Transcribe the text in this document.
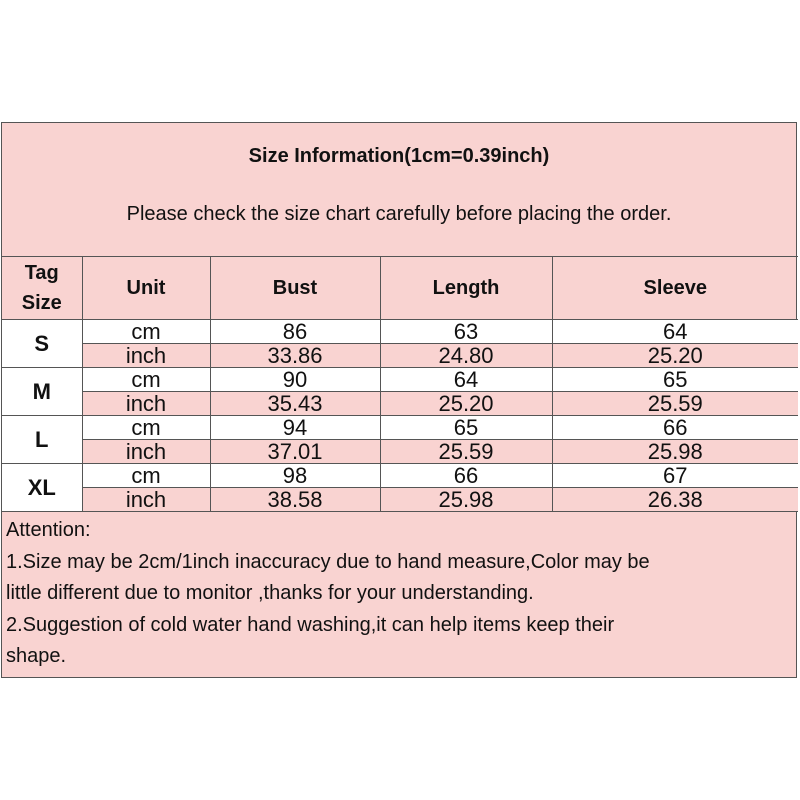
Size Information(1cm=0.39inch)
Please check the size chart carefully before placing the order.
Tag
Size	Unit	Bust	Length	Sleeve
S	cm	86	63	64
	inch	33.86	24.80	25.20
M	cm	90	64	65
	inch	35.43	25.20	25.59
L	cm	94	65	66
	inch	37.01	25.59	25.98
XL	cm	98	66	67
	inch	38.58	25.98	26.38
Attention:
1.Size may be 2cm/1inch inaccuracy due to hand measure,Color may be
little different due to monitor ,thanks for your understanding.
2.Suggestion of cold water hand washing,it can help items keep their
shape.
